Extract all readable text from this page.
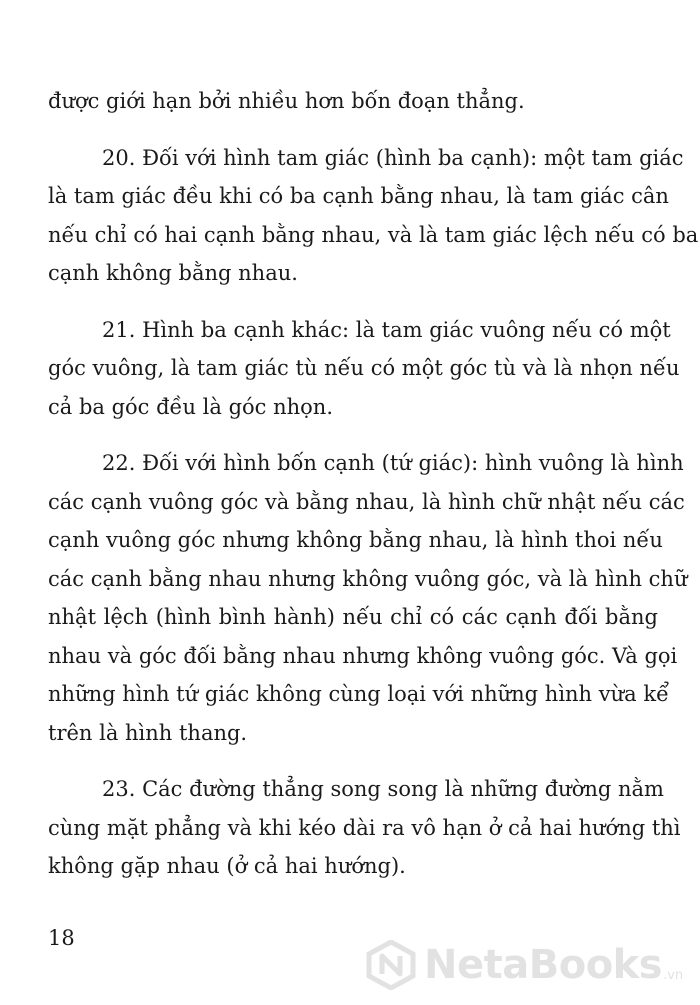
được giới hạn bởi nhiều hơn bốn đoạn thẳng.

20. Đối với hình tam giác (hình ba cạnh): một tam giác
là tam giác đều khi có ba cạnh bằng nhau, là tam giác cân
nếu chỉ có hai cạnh bằng nhau, và là tam giác lệch nếu có ba
cạnh không bằng nhau.

21. Hình ba cạnh khác: là tam giác vuông nếu có một
góc vuông, là tam giác tù nếu có một góc tù và là nhọn nếu
cả ba góc đều là góc nhọn.

22. Đối với hình bốn cạnh (tứ giác): hình vuông là hình
các cạnh vuông góc và bằng nhau, là hình chữ nhật nếu các
cạnh vuông góc nhưng không bằng nhau, là hình thoi nếu
các cạnh bằng nhau nhưng không vuông góc, và là hình chữ
nhật lệch (hình bình hành) nếu chỉ có các cạnh đối bằng
nhau và góc đối bằng nhau nhưng không vuông góc. Và gọi
những hình tứ giác không cùng loại với những hình vừa kể
trên là hình thang.

23. Các đường thẳng song song là những đường nằm
cùng mặt phẳng và khi kéo dài ra vô hạn ở cả hai hướng thì
không gặp nhau (ở cả hai hướng).

18
NetaBooks .vn
